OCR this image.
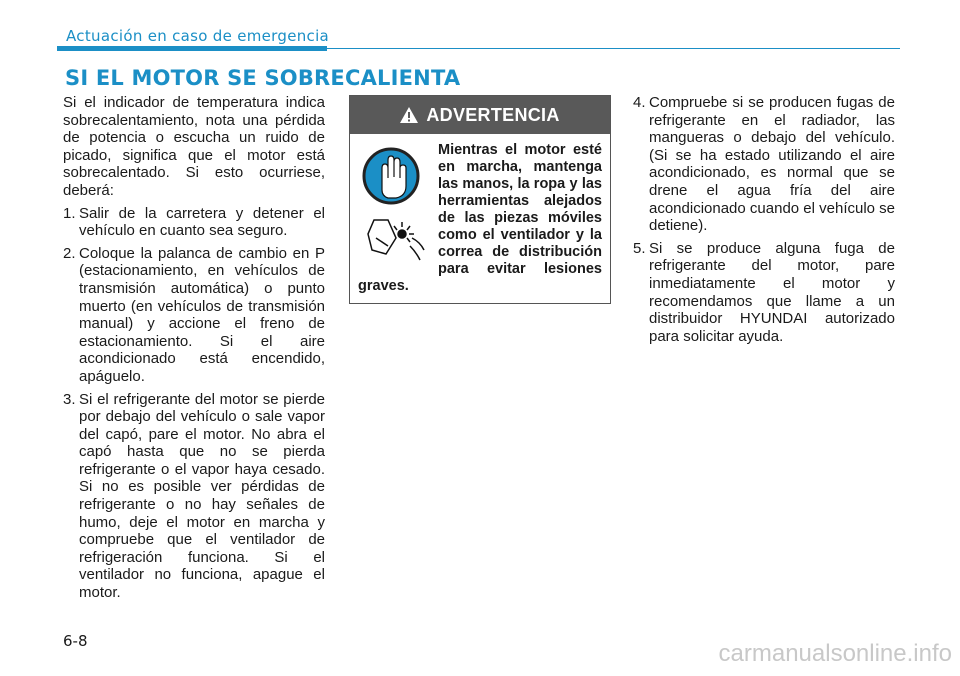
Actuación en caso de emergencia
SI EL MOTOR SE SOBRECALIENTA

Si el indicador de temperatura indica sobrecalentamiento, nota una pérdida de potencia o escucha un ruido de picado, significa que el motor está sobrecalentado. Si esto ocurriese, deberá:

1. Salir de la carretera y detener el vehículo en cuanto sea seguro.
2. Coloque la palanca de cambio en P (estacionamiento, en vehículos de transmisión automática) o punto muerto (en vehículos de transmisión manual) y accione el freno de estacionamiento. Si el aire acondicionado está encendido, apáguelo.
3. Si el refrigerante del motor se pierde por debajo del vehículo o sale vapor del capó, pare el motor. No abra el capó hasta que no se pierda refrigerante o el vapor haya cesado. Si no es posible ver pérdidas de refrigerante o no hay señales de humo, deje el motor en marcha y compruebe que el ventilador de refrigeración funciona. Si el ventilador no funciona, apague el motor.
ADVERTENCIA
Mientras el motor esté en marcha, mantenga las manos, la ropa y las herramientas alejados de las piezas móviles como el ventilador y la correa de distribución para evitar lesiones graves.
4. Compruebe si se producen fugas de refrigerante en el radiador, las mangueras o debajo del vehículo. (Si se ha estado utilizando el aire acondicionado, es normal que se drene el agua fría del aire acondicionado cuando el vehículo se detiene).
5. Si se produce alguna fuga de refrigerante del motor, pare inmediatamente el motor y recomendamos que llame a un distribuidor HYUNDAI autorizado para solicitar ayuda.
6-8	carmanualsonline.info
